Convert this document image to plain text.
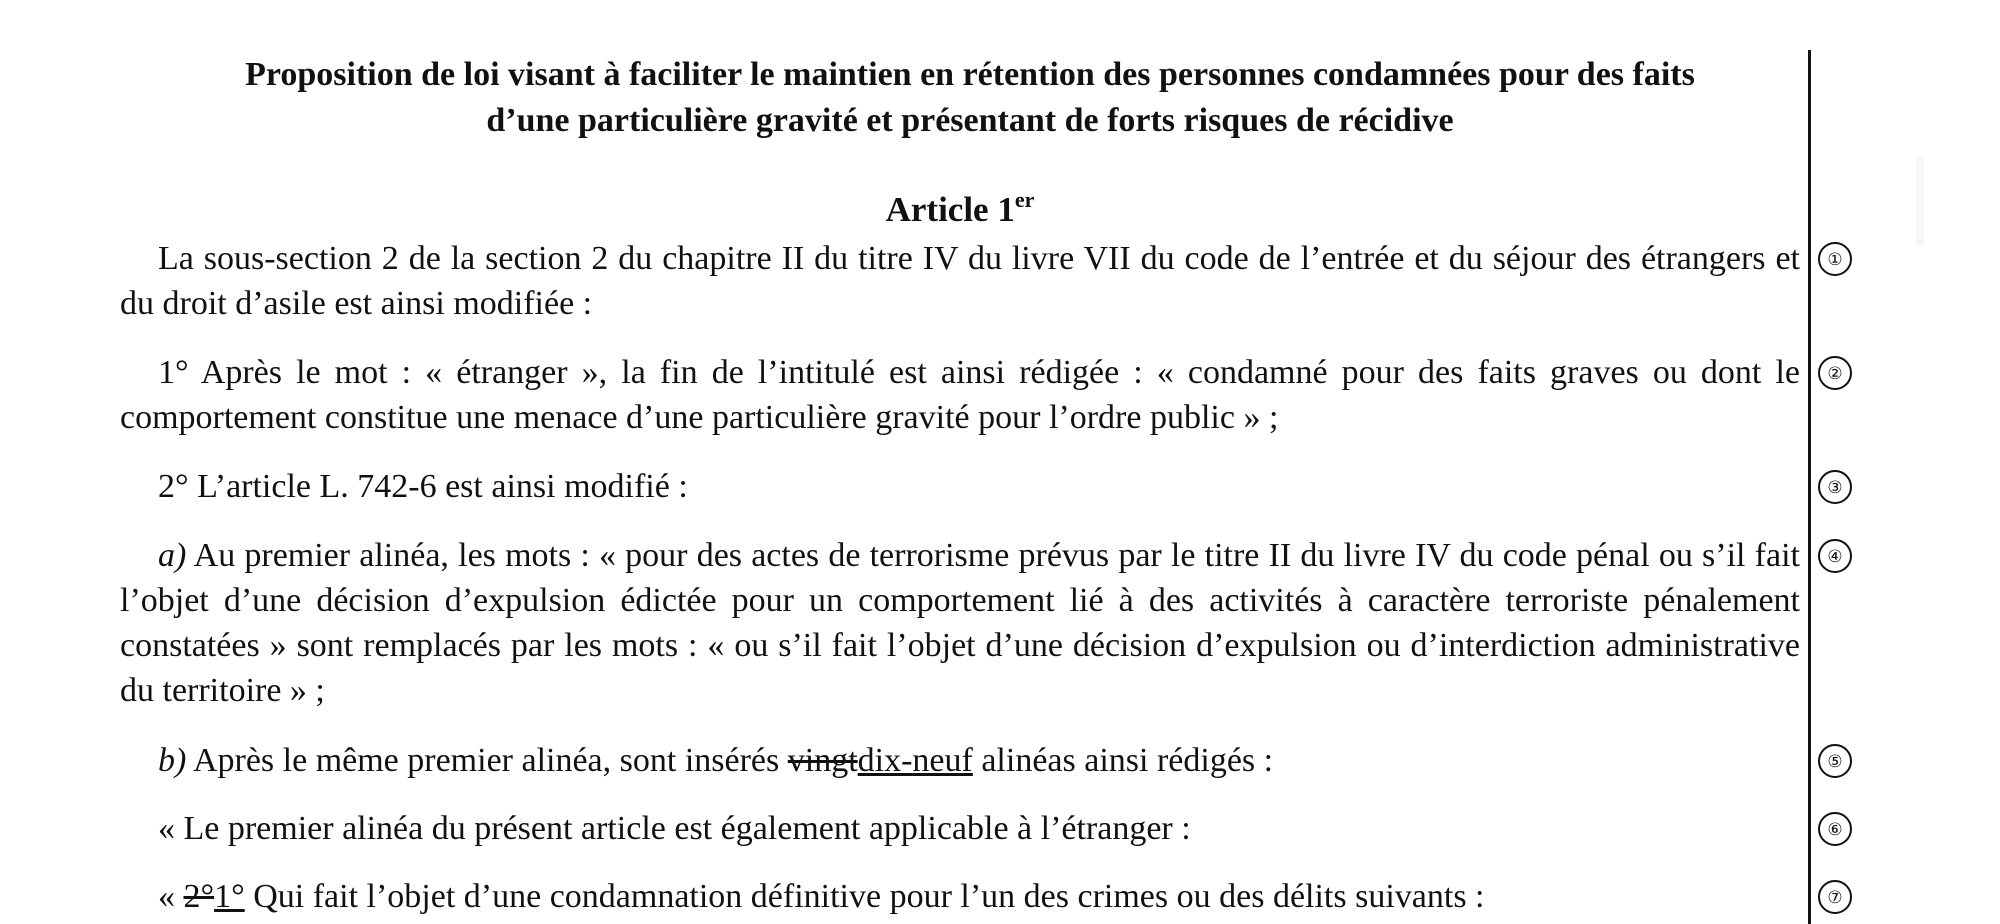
Proposition de loi visant à faciliter le maintien en rétention des personnes condamnées pour des faits
d’une particulière gravité et présentant de forts risques de récidive
Article 1er

La sous-section 2 de la section 2 du chapitre II du titre IV du livre VII du code de l’entrée et du séjour des étrangers et du droit d’asile est ainsi modifiée :

①

1° Après le mot : « étranger », la fin de l’intitulé est ainsi rédigée : « condamné pour des faits graves ou dont le comportement constitue une menace d’une particulière gravité pour l’ordre public » ;

②

2° L’article L. 742-6 est ainsi modifié :	③

a) Au premier alinéa, les mots : « pour des actes de terrorisme prévus par le titre II du livre IV du code pénal ou s’il fait l’objet d’une décision d’expulsion édictée pour un comportement lié à des activités à caractère terroriste pénalement constatées » sont remplacés par les mots : « ou s’il fait l’objet d’une décision d’expulsion ou d’interdiction administrative du territoire » ;

④

b) Après le même premier alinéa, sont insérés vingtdix-neuf alinéas ainsi rédigés :	⑤

« Le premier alinéa du présent article est également applicable à l’étranger :	⑥

« 2°1° Qui fait l’objet d’une condamnation définitive pour l’un des crimes ou des délits suivants :	⑦
